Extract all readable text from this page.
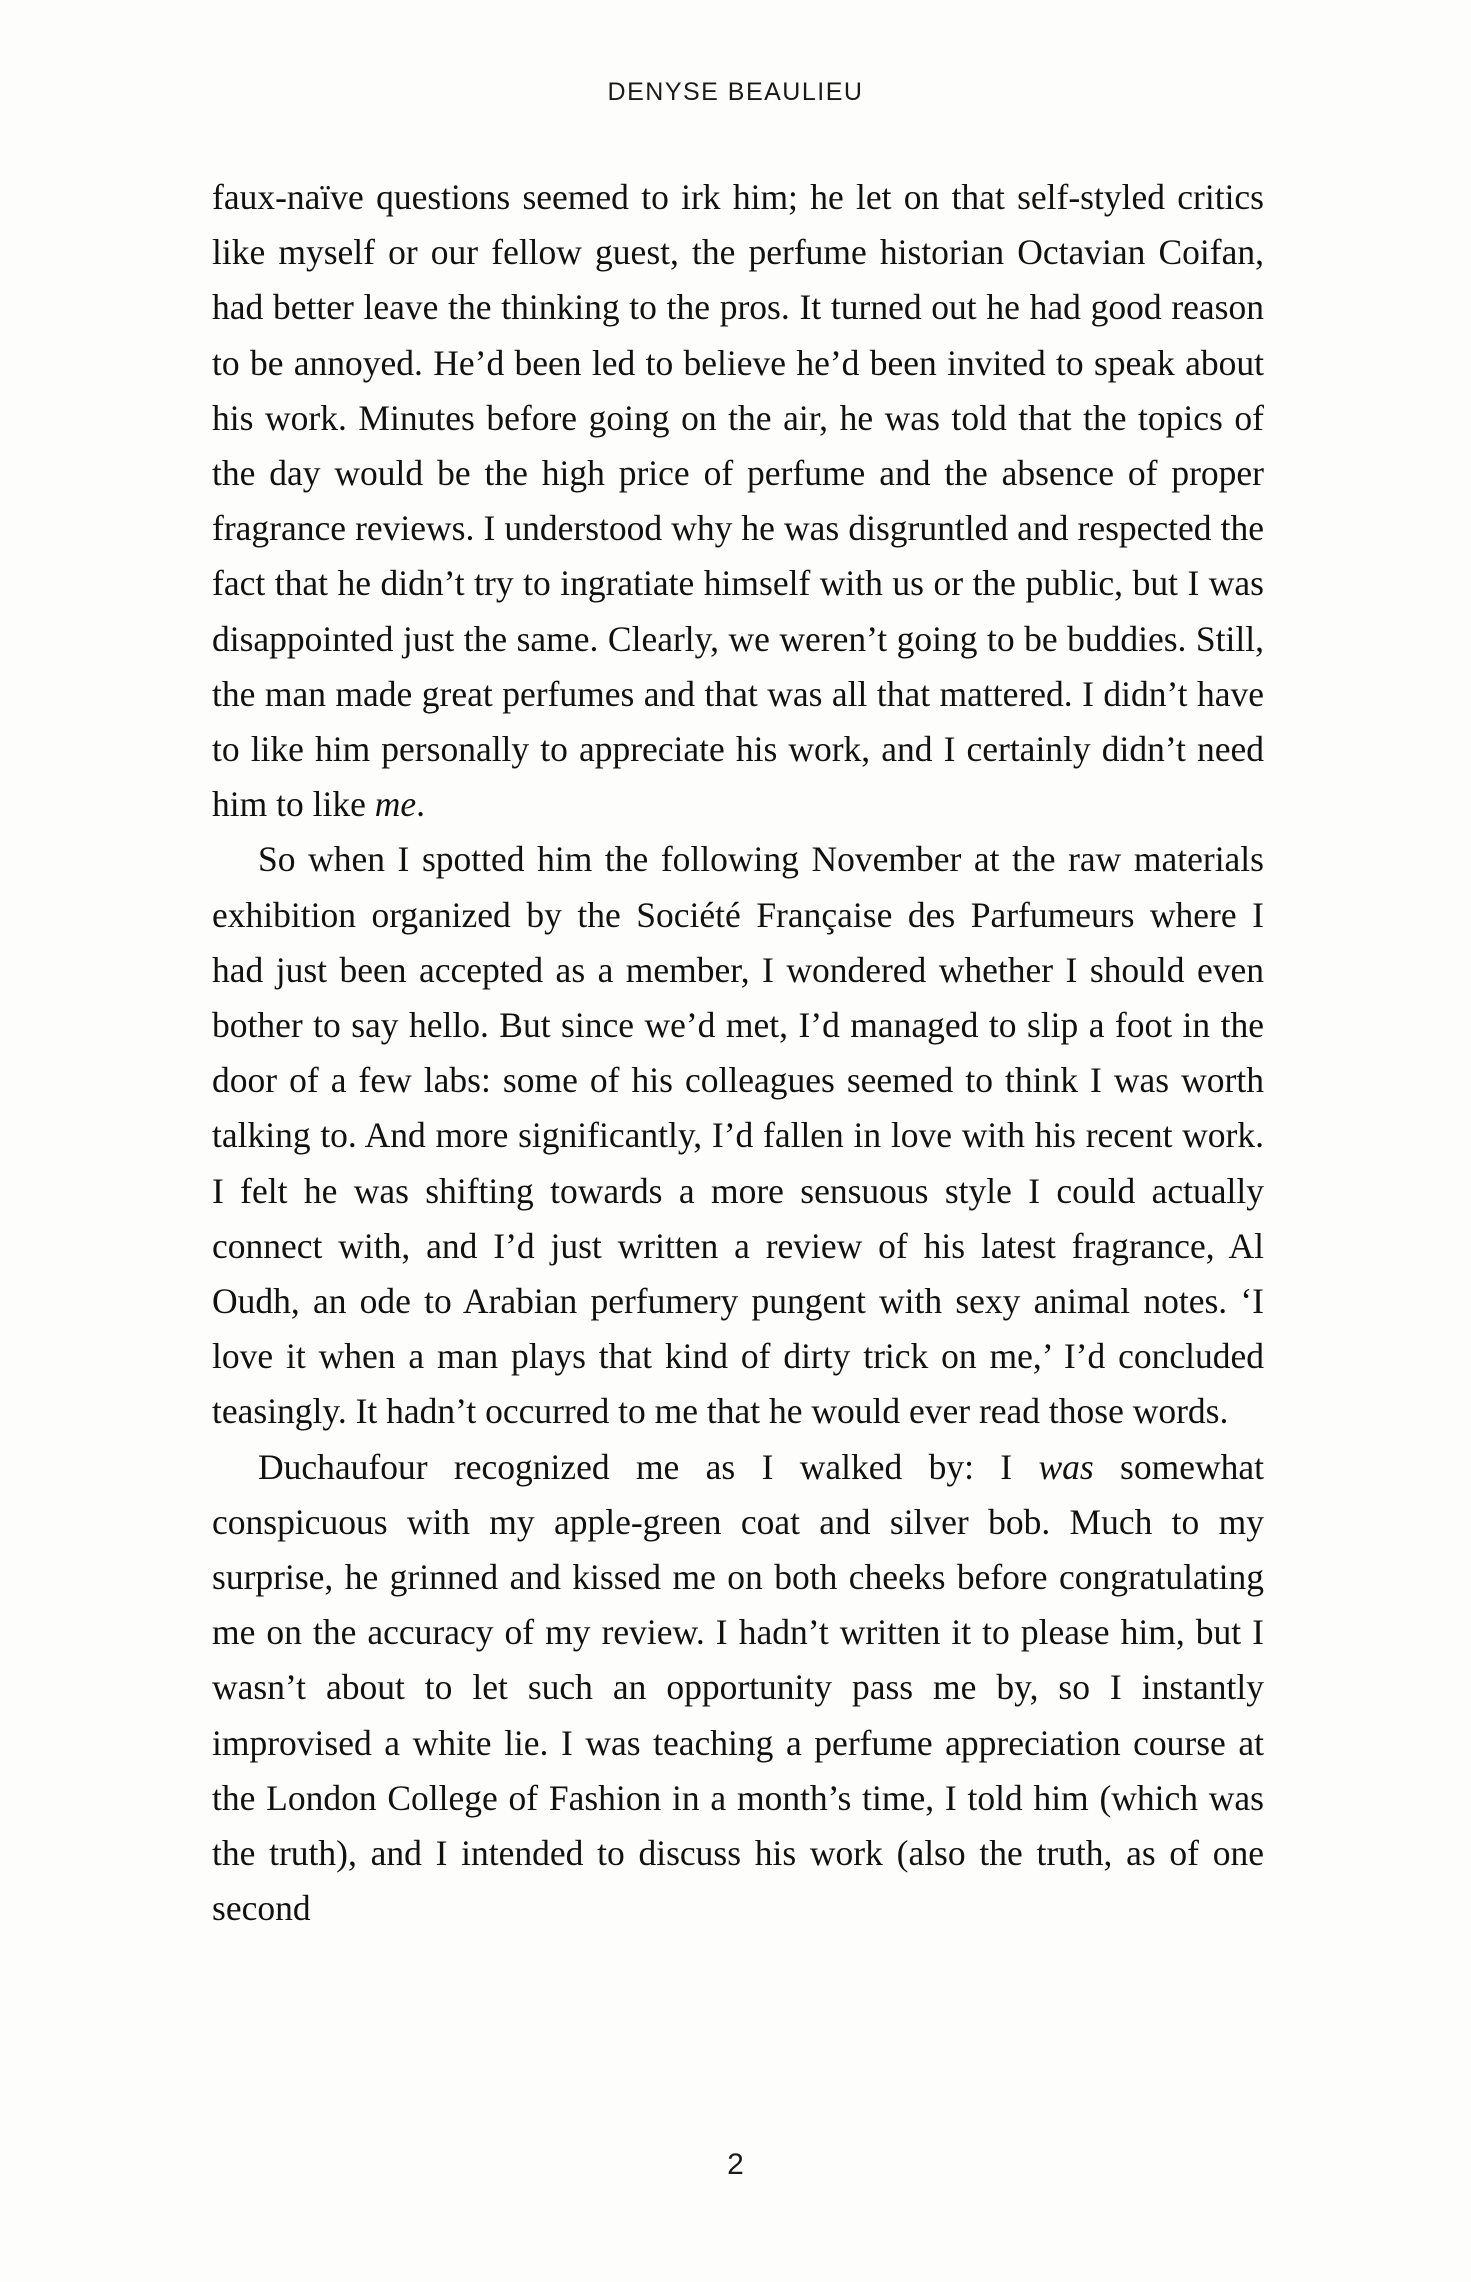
DENYSE BEAULIEU

faux-naïve questions seemed to irk him; he let on that self-styled critics like myself or our fellow guest, the perfume historian Octavian Coifan, had better leave the thinking to the pros. It turned out he had good reason to be annoyed. He’d been led to believe he’d been invited to speak about his work. Minutes before going on the air, he was told that the topics of the day would be the high price of perfume and the absence of proper fragrance reviews. I understood why he was disgruntled and respected the fact that he didn’t try to ingratiate himself with us or the public, but I was disappointed just the same. Clearly, we weren’t going to be buddies. Still, the man made great perfumes and that was all that mattered. I didn’t have to like him personally to appreciate his work, and I certainly didn’t need him to like me.

So when I spotted him the following November at the raw materials exhibition organized by the Société Française des Parfumeurs where I had just been accepted as a member, I wondered whether I should even bother to say hello. But since we’d met, I’d managed to slip a foot in the door of a few labs: some of his colleagues seemed to think I was worth talking to. And more significantly, I’d fallen in love with his recent work. I felt he was shifting towards a more sensuous style I could actually connect with, and I’d just written a review of his latest fragrance, Al Oudh, an ode to Arabian perfumery pungent with sexy animal notes. ‘I love it when a man plays that kind of dirty trick on me,’ I’d concluded teasingly. It hadn’t occurred to me that he would ever read those words.

Duchaufour recognized me as I walked by: I was somewhat conspicuous with my apple-green coat and silver bob. Much to my surprise, he grinned and kissed me on both cheeks before congratulating me on the accuracy of my review. I hadn’t written it to please him, but I wasn’t about to let such an opportunity pass me by, so I instantly improvised a white lie. I was teaching a perfume appreciation course at the London College of Fashion in a month’s time, I told him (which was the truth), and I intended to discuss his work (also the truth, as of one second

2
